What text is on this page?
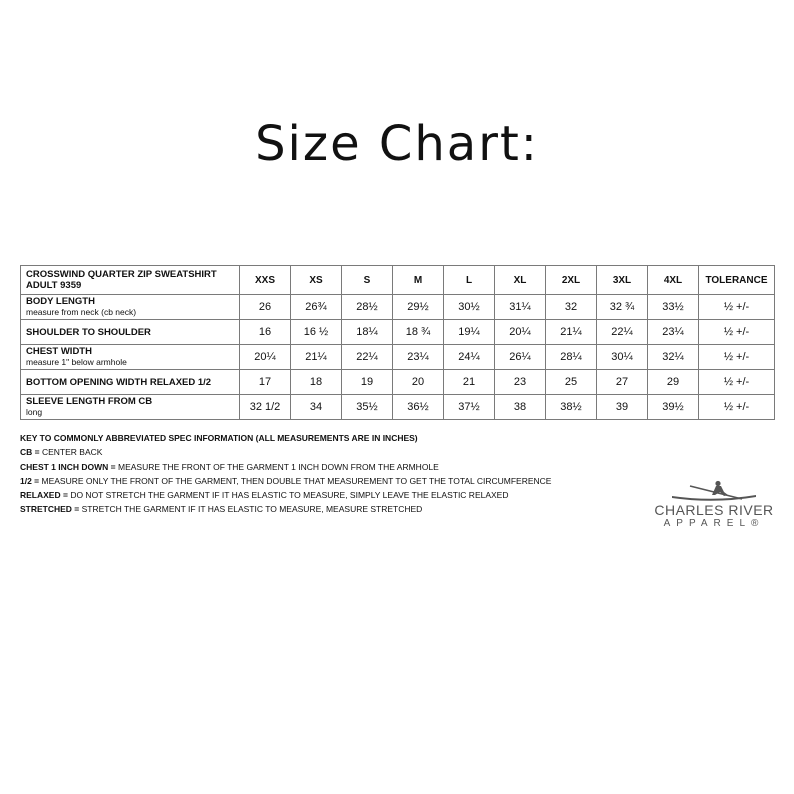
Size Chart:
CROSSWIND QUARTER ZIP SWEATSHIRT ADULT 9359	XXS	XS	S	M	L	XL	2XL	3XL	4XL	TOLERANCE

BODY LENGTH
measure from neck (cb neck)	26	26¾	28½	29½	30½	31¼	32	32 ¾	33½	½ +/-

SHOULDER TO SHOULDER	16	16 ½	18¼	18 ¾	19¼	20¼	21¼	22¼	23¼	½ +/-

CHEST WIDTH
measure 1" below armhole	20¼	21¼	22¼	23¼	24¼	26¼	28¼	30¼	32¼	½ +/-

BOTTOM OPENING WIDTH RELAXED 1/2	17	18	19	20	21	23	25	27	29	½ +/-

SLEEVE LENGTH FROM CB
long	32 1/2	34	35½	36½	37½	38	38½	39	39½	½ +/-
KEY TO COMMONLY ABBREVIATED SPEC INFORMATION (ALL MEASUREMENTS ARE IN INCHES)
CB = CENTER BACK
CHEST 1 INCH DOWN = MEASURE THE FRONT OF THE GARMENT 1 INCH DOWN FROM THE ARMHOLE
1/2 = MEASURE ONLY THE FRONT OF THE GARMENT, THEN DOUBLE THAT MEASUREMENT TO GET THE TOTAL CIRCUMFERENCE
RELAXED = DO NOT STRETCH THE GARMENT IF IT HAS ELASTIC TO MEASURE, SIMPLY LEAVE THE ELASTIC RELAXED
STRETCHED = STRETCH THE GARMENT IF IT HAS ELASTIC TO MEASURE, MEASURE STRETCHED	CHARLES RIVER
APPAREL®
